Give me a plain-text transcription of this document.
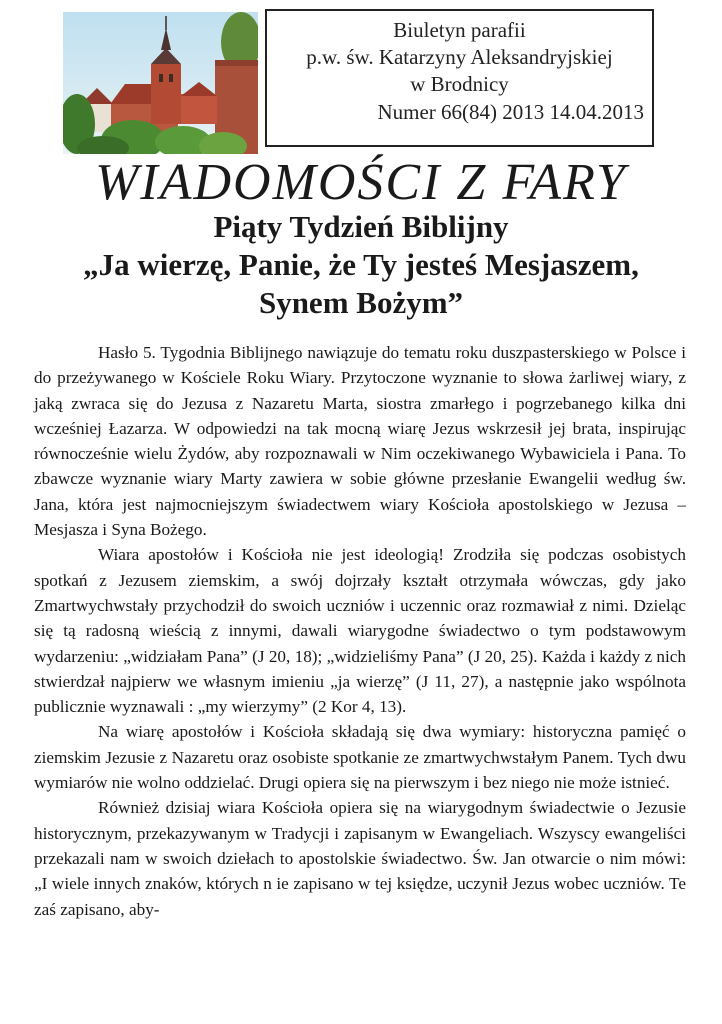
Biuletyn parafii
p.w. św. Katarzyny Aleksandryjskiej
w Brodnicy
Numer 66(84) 2013 14.04.2013
WIADOMOŚCI Z FARY
Piąty Tydzień Biblijny
„Ja wierzę, Panie, że Ty jesteś Mesjaszem,
Synem Bożym”

Hasło 5. Tygodnia Biblijnego nawiązuje do tematu roku duszpasterskiego w Polsce i do przeżywanego w Kościele Roku Wiary. Przytoczone wyznanie to słowa żarliwej wiary, z jaką zwraca się do Jezusa z Nazaretu Marta, siostra zmarłego i pogrzebanego kilka dni wcześniej Łazarza. W odpowiedzi na tak mocną wiarę Jezus wskrzesił jej brata, inspirując równocześnie wielu Żydów, aby rozpoznawali w Nim oczekiwanego Wybawiciela i Pana. To zbawcze wyznanie wiary Marty zawiera w sobie główne przesłanie Ewangelii według św. Jana, która jest najmocniejszym świadectwem wiary Kościoła apostolskiego w Jezusa – Mesjasza i Syna Bożego.

Wiara apostołów i Kościoła nie jest ideologią! Zrodziła się podczas osobistych spotkań z Jezusem ziemskim, a swój dojrzały kształt otrzymała wówczas, gdy jako Zmartwychwstały przychodził do swoich uczniów i uczennic oraz rozmawiał z nimi. Dzieląc się tą radosną wieścią z innymi, dawali wiarygodne świadectwo o tym podstawowym wydarzeniu: „widziałam Pana” (J 20, 18); „widzieliśmy Pana” (J 20, 25). Każda i każdy z nich stwierdzał najpierw we własnym imieniu „ja wierzę” (J 11, 27), a następnie jako wspólnota publicznie wyznawali : „my wierzymy” (2 Kor 4, 13).

Na wiarę apostołów i Kościoła składają się dwa wymiary: historyczna pamięć o ziemskim Jezusie z Nazaretu oraz osobiste spotkanie ze zmartwychwstałym Panem. Tych dwu wymiarów nie wolno oddzielać. Drugi opiera się na pierwszym i bez niego nie może istnieć.

Również dzisiaj wiara Kościoła opiera się na wiarygodnym świadectwie o Jezusie historycznym, przekazywanym w Tradycji i zapisanym w Ewangeliach. Wszyscy ewangeliści przekazali nam w swoich dziełach to apostolskie świadectwo. Św. Jan otwarcie o nim mówi: „I wiele innych znaków, których n ie zapisano w tej księdze, uczynił Jezus wobec uczniów. Te zaś zapisano, aby-
